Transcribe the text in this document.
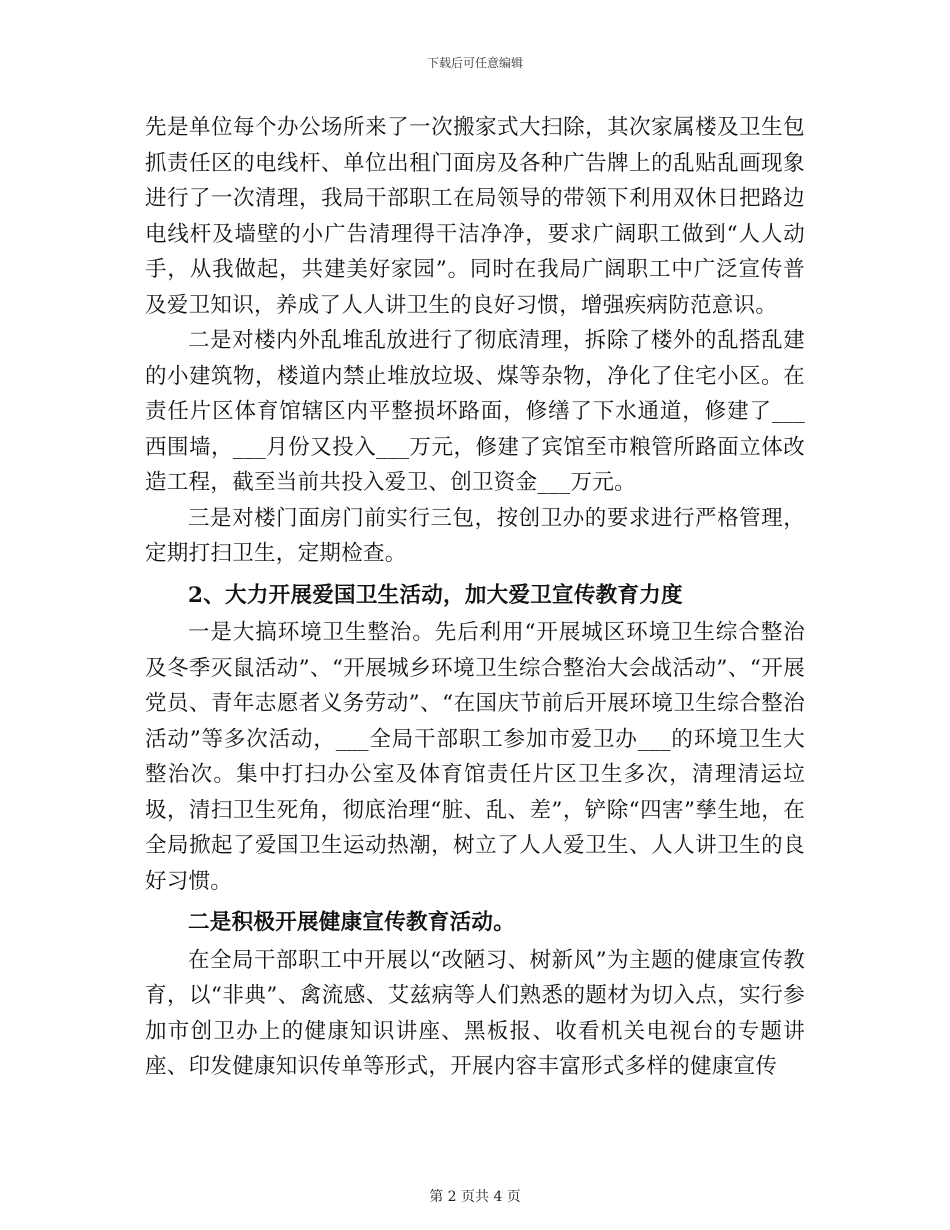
下载后可任意编辑

先是单位每个办公场所来了一次搬家式大扫除，其次家属楼及卫生包抓责任区的电线杆、单位出租门面房及各种广告牌上的乱贴乱画现象进行了一次清理，我局干部职工在局领导的带领下利用双休日把路边电线杆及墙壁的小广告清理得干洁净净，要求广阔职工做到“人人动手，从我做起，共建美好家园”。同时在我局广阔职工中广泛宣传普及爱卫知识，养成了人人讲卫生的良好习惯，增强疾病防范意识。

二是对楼内外乱堆乱放进行了彻底清理，拆除了楼外的乱搭乱建的小建筑物，楼道内禁止堆放垃圾、煤等杂物，净化了住宅小区。在责任片区体育馆辖区内平整损坏路面，修缮了下水通道，修建了___西围墙，___月份又投入___万元，修建了宾馆至市粮管所路面立体改造工程，截至当前共投入爱卫、创卫资金___万元。

三是对楼门面房门前实行三包，按创卫办的要求进行严格管理，定期打扫卫生，定期检查。

2、大力开展爱国卫生活动，加大爱卫宣传教育力度

一是大搞环境卫生整治。先后利用“开展城区环境卫生综合整治及冬季灭鼠活动”、“开展城乡环境卫生综合整治大会战活动”、“开展党员、青年志愿者义务劳动”、“在国庆节前后开展环境卫生综合整治活动”等多次活动，___全局干部职工参加市爱卫办___的环境卫生大整治次。集中打扫办公室及体育馆责任片区卫生多次，清理清运垃圾，清扫卫生死角，彻底治理“脏、乱、差”，铲除“四害”孳生地，在全局掀起了爱国卫生运动热潮，树立了人人爱卫生、人人讲卫生的良好习惯。

二是积极开展健康宣传教育活动。

在全局干部职工中开展以“改陋习、树新风”为主题的健康宣传教育，以“非典”、禽流感、艾兹病等人们熟悉的题材为切入点，实行参加市创卫办上的健康知识讲座、黑板报、收看机关电视台的专题讲座、印发健康知识传单等形式，开展内容丰富形式多样的健康宣传

第 2 页共 4 页
